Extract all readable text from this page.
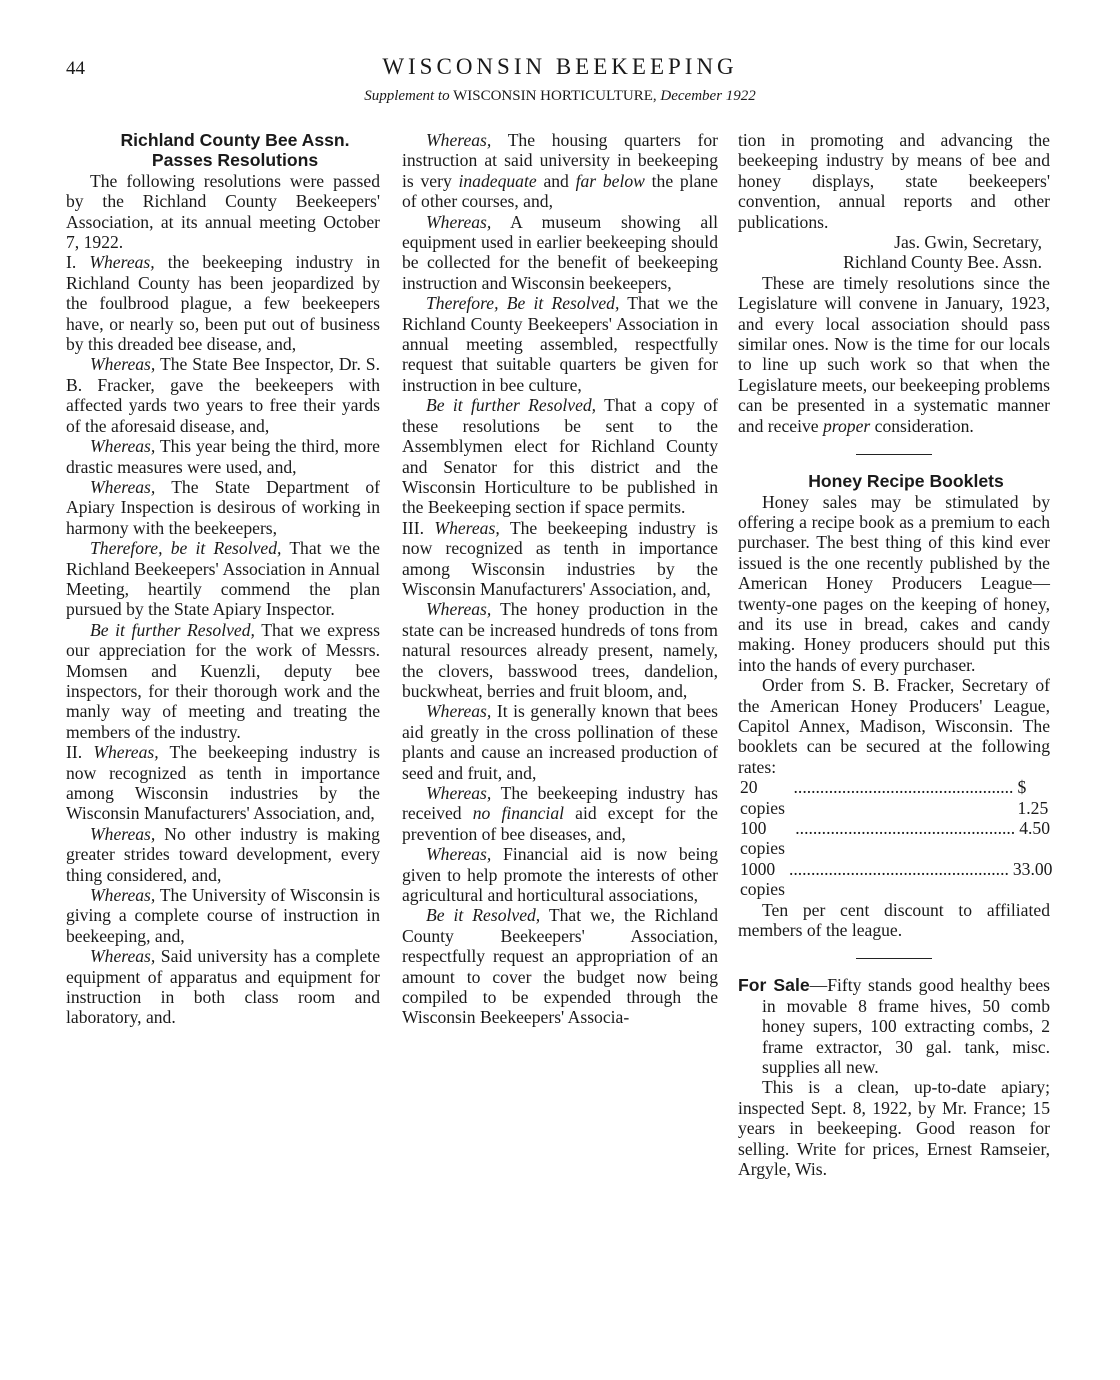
44	WISCONSIN BEEKEEPING
Supplement to WISCONSIN HORTICULTURE, December 1922

Richland County Bee Assn.

Passes Resolutions

The following resolutions were passed by the Richland County Beekeepers' Association, at its annual meeting October 7, 1922.

I. Whereas, the beekeeping industry in Richland County has been jeopardized by the foulbrood plague, a few beekeepers have, or nearly so, been put out of business by this dreaded bee disease, and,

Whereas, The State Bee Inspector, Dr. S. B. Fracker, gave the beekeepers with affected yards two years to free their yards of the aforesaid disease, and,

Whereas, This year being the third, more drastic measures were used, and,

Whereas, The State Department of Apiary Inspection is desirous of working in harmony with the beekeepers,

Therefore, be it Resolved, That we the Richland Beekeepers' Association in Annual Meeting, heartily commend the plan pursued by the State Apiary Inspector.

Be it further Resolved, That we express our appreciation for the work of Messrs. Momsen and Kuenzli, deputy bee inspectors, for their thorough work and the manly way of meeting and treating the members of the industry.

II. Whereas, The beekeeping industry is now recognized as tenth in importance among Wisconsin industries by the Wisconsin Manufacturers' Association, and,

Whereas, No other industry is making greater strides toward development, every thing considered, and,

Whereas, The University of Wisconsin is giving a complete course of instruction in beekeeping, and,

Whereas, Said university has a complete equipment of apparatus and equipment for instruction in both class room and laboratory, and.

Whereas, The housing quarters for instruction at said university in beekeeping is very inadequate and far below the plane of other courses, and,

Whereas, A museum showing all equipment used in earlier beekeeping should be collected for the benefit of beekeeping instruction and Wisconsin beekeepers,

Therefore, Be it Resolved, That we the Richland County Beekeepers' Association in annual meeting assembled, respectfully request that suitable quarters be given for instruction in bee culture,

Be it further Resolved, That a copy of these resolutions be sent to the Assemblymen elect for Richland County and Senator for this district and the Wisconsin Horticulture to be published in the Beekeeping section if space permits.

III. Whereas, The beekeeping industry is now recognized as tenth in importance among Wisconsin industries by the Wisconsin Manufacturers' Association, and,

Whereas, The honey production in the state can be increased hundreds of tons from natural resources already present, namely, the clovers, basswood trees, dandelion, buckwheat, berries and fruit bloom, and,

Whereas, It is generally known that bees aid greatly in the cross pollination of these plants and cause an increased production of seed and fruit, and,

Whereas, The beekeeping industry has received no financial aid except for the prevention of bee diseases, and,

Whereas, Financial aid is now being given to help promote the interests of other agricultural and horticultural associations,

Be it Resolved, That we, the Richland County Beekeepers' Association, respectfully request an appropriation of an amount to cover the budget now being compiled to be expended through the Wisconsin Beekeepers' Associa-

tion in promoting and advancing the beekeeping industry by means of bee and honey displays, state beekeepers' convention, annual reports and other publications.

Jas. Gwin, Secretary,

Richland County Bee. Assn.

These are timely resolutions since the Legislature will convene in January, 1923, and every local association should pass similar ones. Now is the time for our locals to line up such work so that when the Legislature meets, our beekeeping problems can be presented in a systematic manner and receive proper consideration.

Honey Recipe Booklets

Honey sales may be stimulated by offering a recipe book as a premium to each purchaser. The best thing of this kind ever issued is the one recently published by the American Honey Producers League—twenty-one pages on the keeping of honey, and its use in bread, cakes and candy making. Honey producers should put this into the hands of every purchaser.

Order from S. B. Fracker, Secretary of the American Honey Producers' League, Capitol Annex, Madison, Wisconsin. The booklets can be secured at the following rates:

20 copies
.................................................. $ 1.25
100 copies
.................................................. 4.50
1000 copies
.................................................. 33.00

Ten per cent discount to affiliated members of the league.

For Sale—Fifty stands good healthy bees in movable 8 frame hives, 50 comb honey supers, 100 extracting combs, 2 frame extractor, 30 gal. tank, misc. supplies all new.

This is a clean, up-to-date apiary; inspected Sept. 8, 1922, by Mr. France; 15 years in beekeeping. Good reason for selling. Write for prices, Ernest Ramseier, Argyle, Wis.
